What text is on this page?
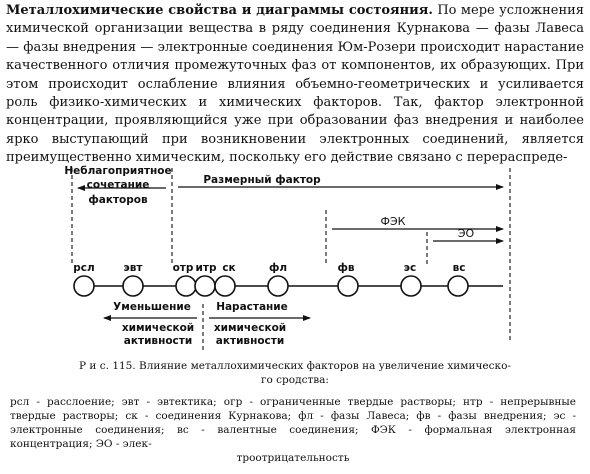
Металлохимические свойства и диаграммы состояния. По мере усложнения химической организации вещества в ряду соединения Курнакова — фазы Лавеса — фазы внедрения — электронные соединения Юм-Розери происходит нарастание качественного отличия промежуточных фаз от компонентов, их образующих. При этом происходит ослабление влияния объемно-геометрических и усиливается роль физико-химических и химических факторов. Так, фактор электронной концентрации, проявляющийся уже при образовании фаз внедрения и наиболее ярко выступающий при возникновении электронных соединений, является преимущественно химическим, поскольку его действие связано с перераспреде-
Неблагоприятное
сочетание
факторов
Размерный фактор
ФЭК
ЭО
рсл	эвт	отр итр ск	фл	фв	эс	вс
Уменьшение
химической
активности
Нарастание
химической
активности
Р и с. 115. Влияние металлохимических факторов на увеличение химическо-
го сродства:
рсл - расслоение; эвт - эвтектика; огр - ограниченные твердые растворы; нтр - непрерывные твердые растворы; ск - соединения Курнакова; фл - фазы Лавеса; фв - фазы внедрения; эс - электронные соединения; вс - валентные соединения; ФЭК - формальная электронная концентрация; ЭО - элек-
троотрицательность
